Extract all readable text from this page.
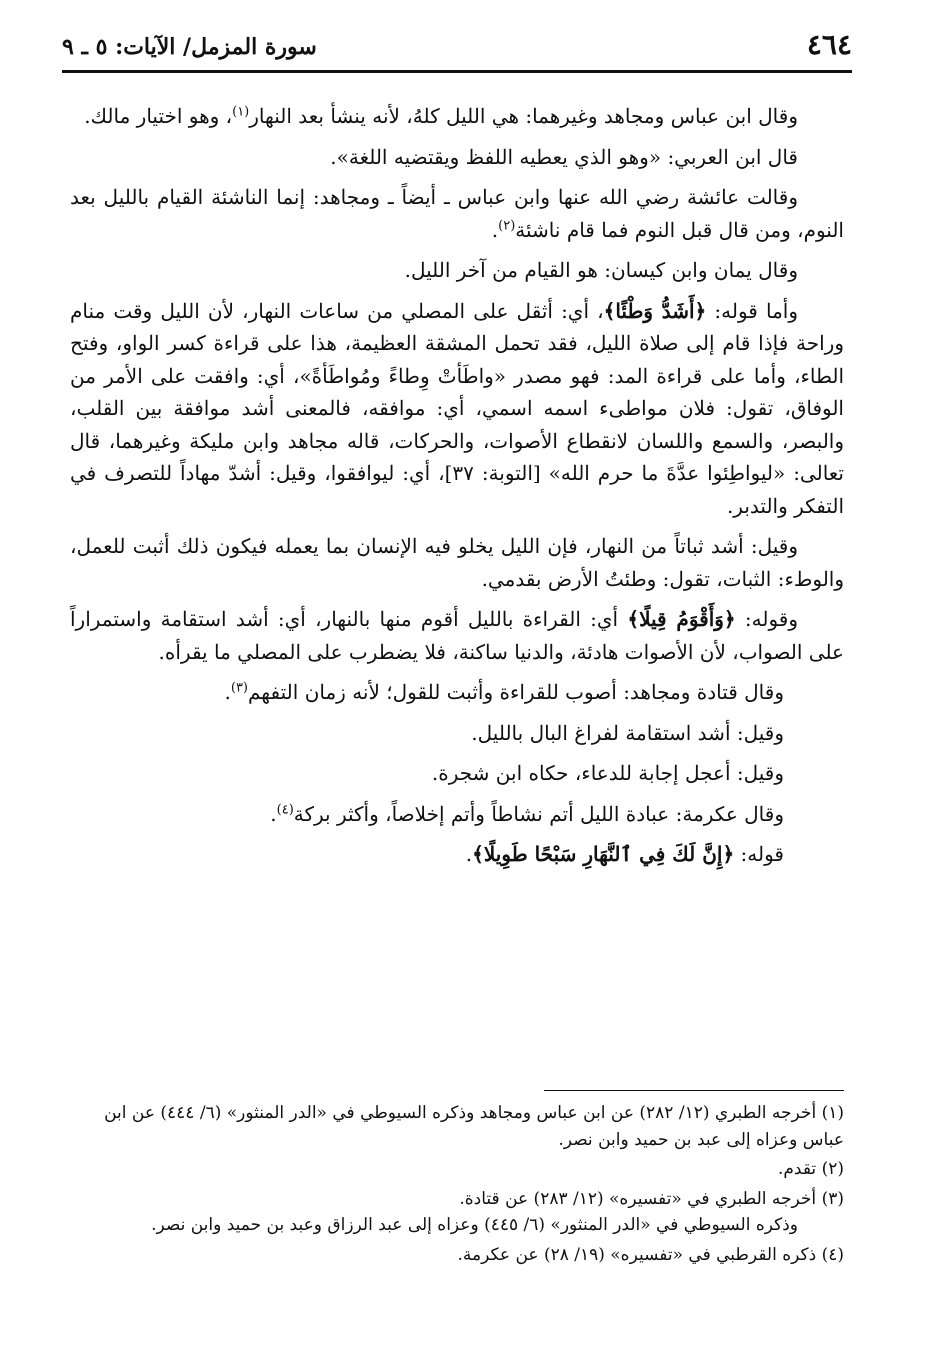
٤٦٤
سورة المزمل/ الآيات: ٥ ـ ٩

وقال ابن عباس ومجاهد وغيرهما: هي الليل كلهُ، لأنه ينشأ بعد النهار$^{(١)}$، وهو اختيار مالك.

قال ابن العربي: «وهو الذي يعطيه اللفظ ويقتضيه اللغة».

وقالت عائشة رضي الله عنها وابن عباس ـ أيضاً ـ ومجاهد: إنما الناشئة القيام بالليل بعد النوم، ومن قال قبل النوم فما قام ناشئة$^{(٢)}$.

وقال يمان وابن كيسان: هو القيام من آخر الليل.

وأما قوله: ﴿أَشَدُّ وَطْئًا﴾، أي: أثقل على المصلي من ساعات النهار، لأن الليل وقت منام وراحة فإذا قام إلى صلاة الليل، فقد تحمل المشقة العظيمة، هذا على قراءة كسر الواو، وفتح الطاء، وأما على قراءة المد: فهو مصدر «واطَأتْ وِطاءً ومُواطَأةً»، أي: وافقت على الأمر من الوفاق، تقول: فلان مواطىء اسمه اسمي، أي: موافقه، فالمعنى أشد موافقة بين القلب، والبصر، والسمع واللسان لانقطاع الأصوات، والحركات، قاله مجاهد وابن مليكة وغيرهما، قال تعالى: «ليواطِئوا عدَّةَ ما حرم الله» [التوبة: ٣٧]، أي: ليوافقوا، وقيل: أشدّ مهاداً للتصرف في التفكر والتدبر.

وقيل: أشد ثباتاً من النهار، فإن الليل يخلو فيه الإنسان بما يعمله فيكون ذلك أثبت للعمل، والوطء: الثبات، تقول: وطئتُ الأرض بقدمي.

وقوله: ﴿وَأَقْوَمُ قِيلًا﴾ أي: القراءة بالليل أقوم منها بالنهار، أي: أشد استقامة واستمراراً على الصواب، لأن الأصوات هادئة، والدنيا ساكنة، فلا يضطرب على المصلي ما يقرأه.

وقال قتادة ومجاهد: أصوب للقراءة وأثبت للقول؛ لأنه زمان التفهم$^{(٣)}$.

وقيل: أشد استقامة لفراغ البال بالليل.

وقيل: أعجل إجابة للدعاء، حكاه ابن شجرة.

وقال عكرمة: عبادة الليل أتم نشاطاً وأتم إخلاصاً، وأكثر بركة$^{(٤)}$.

قوله: ﴿إِنَّ لَكَ فِي ٱلنَّهَارِ سَبْحًا طَوِيلًا﴾.

(١) أخرجه الطبري (١٢/ ٢٨٢) عن ابن عباس ومجاهد وذكره السيوطي في «الدر المنثور» (٦/ ٤٤٤) عن ابن عباس وعزاه إلى عبد بن حميد وابن نصر.
(٢) تقدم.
(٣) أخرجه الطبري في «تفسيره» (١٢/ ٢٨٣) عن قتادة.
وذكره السيوطي في «الدر المنثور» (٦/ ٤٤٥) وعزاه إلى عبد الرزاق وعبد بن حميد وابن نصر.
(٤) ذكره القرطبي في «تفسيره» (١٩/ ٢٨) عن عكرمة.
